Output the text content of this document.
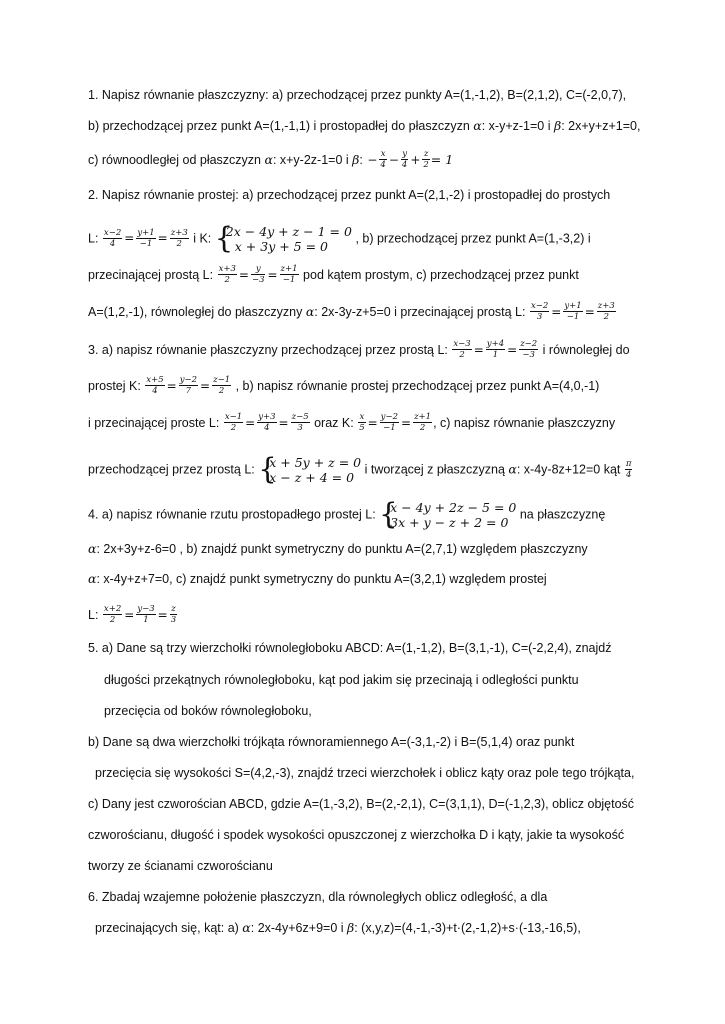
1. Napisz równanie płaszczyzny: a) przechodzącej przez punkty A=(1,-1,2), B=(2,1,2), C=(-2,0,7),
b) przechodzącej przez punkt A=(1,-1,1) i prostopadłej do płaszczyzn 𝛼: x-y+z-1=0 i 𝛽: 2x+y+z+1=0,
c) równoodległej od płaszczyzn 𝛼: x+y-2z-1=0 i 𝛽: − $\frac{x}{4} - \frac{y}{4} + \frac{z}{2} = 1$
2. Napisz równanie prostej: a) przechodzącej przez punkt A=(2,1,-2) i prostopadłej do prostych
L: $\frac{x-2}{4} = \frac{y+1}{-1} = \frac{z+3}{2}$ i K: {
2x − 4y + z − 1 = 0
x + 3y + 5 = 0
, b) przechodzącej przez punkt A=(1,-3,2) i
przecinającej prostą L: $\frac{x+3}{2} = \frac{y}{-3} = \frac{z+1}{-1}$ pod kątem prostym, c) przechodzącej przez punkt
A=(1,2,-1), równoległej do płaszczyzny 𝛼: 2x-3y-z+5=0 i przecinającej prostą L: $\frac{x-2}{3} = \frac{y+1}{-1} = \frac{z+3}{2}$
3. a) napisz równanie płaszczyzny przechodzącej przez prostą L: $\frac{x-3}{2} = \frac{y+4}{1} = \frac{z-2}{-3}$ i równoległej do
prostej K: $\frac{x+5}{4} = \frac{y-2}{7} = \frac{z-1}{2}$ , b) napisz równanie prostej przechodzącej przez punkt A=(4,0,-1)
i przecinającej proste L: $\frac{x-1}{2} = \frac{y+3}{4} = \frac{z-5}{3}$ oraz K: $\frac{x}{5} = \frac{y-2}{-1} = \frac{z+1}{2}$ , c) napisz równanie płaszczyzny
przechodzącej przez prostą L: {
x + 5y + z = 0
x − z + 4 = 0
i tworzącej z płaszczyzną 𝛼: x-4y-8z+12=0 kąt $\frac{\pi}{4}$
4. a) napisz równanie rzutu prostopadłego prostej L: {
x − 4y + 2z − 5 = 0
3x + y − z + 2 = 0
na płaszczyznę
𝛼: 2x+3y+z-6=0 , b) znajdź punkt symetryczny do punktu A=(2,7,1) względem płaszczyzny
𝛼: x-4y+z+7=0, c) znajdź punkt symetryczny do punktu A=(3,2,1) względem prostej
L: $\frac{x+2}{2} = \frac{y-3}{1} = \frac{z}{3}$
5. a) Dane są trzy wierzchołki równoległoboku ABCD: A=(1,-1,2), B=(3,1,-1), C=(-2,2,4), znajdź
długości przekątnych równoległoboku, kąt pod jakim się przecinają i odległości punktu
przecięcia od boków równoległoboku,
b) Dane są dwa wierzchołki trójkąta równoramiennego A=(-3,1,-2) i B=(5,1,4) oraz punkt
przecięcia się wysokości S=(4,2,-3), znajdź trzeci wierzchołek i oblicz kąty oraz pole tego trójkąta,
c) Dany jest czworościan ABCD, gdzie A=(1,-3,2), B=(2,-2,1), C=(3,1,1), D=(-1,2,3), oblicz objętość
czworościanu, długość i spodek wysokości opuszczonej z wierzchołka D i kąty, jakie ta wysokość
tworzy ze ścianami czworościanu
6. Zbadaj wzajemne położenie płaszczyzn, dla równoległych oblicz odległość, a dla
przecinających się, kąt: a) 𝛼: 2x-4y+6z+9=0 i 𝛽: (x,y,z)=(4,-1,-3)+t·(2,-1,2)+s·(-13,-16,5),
